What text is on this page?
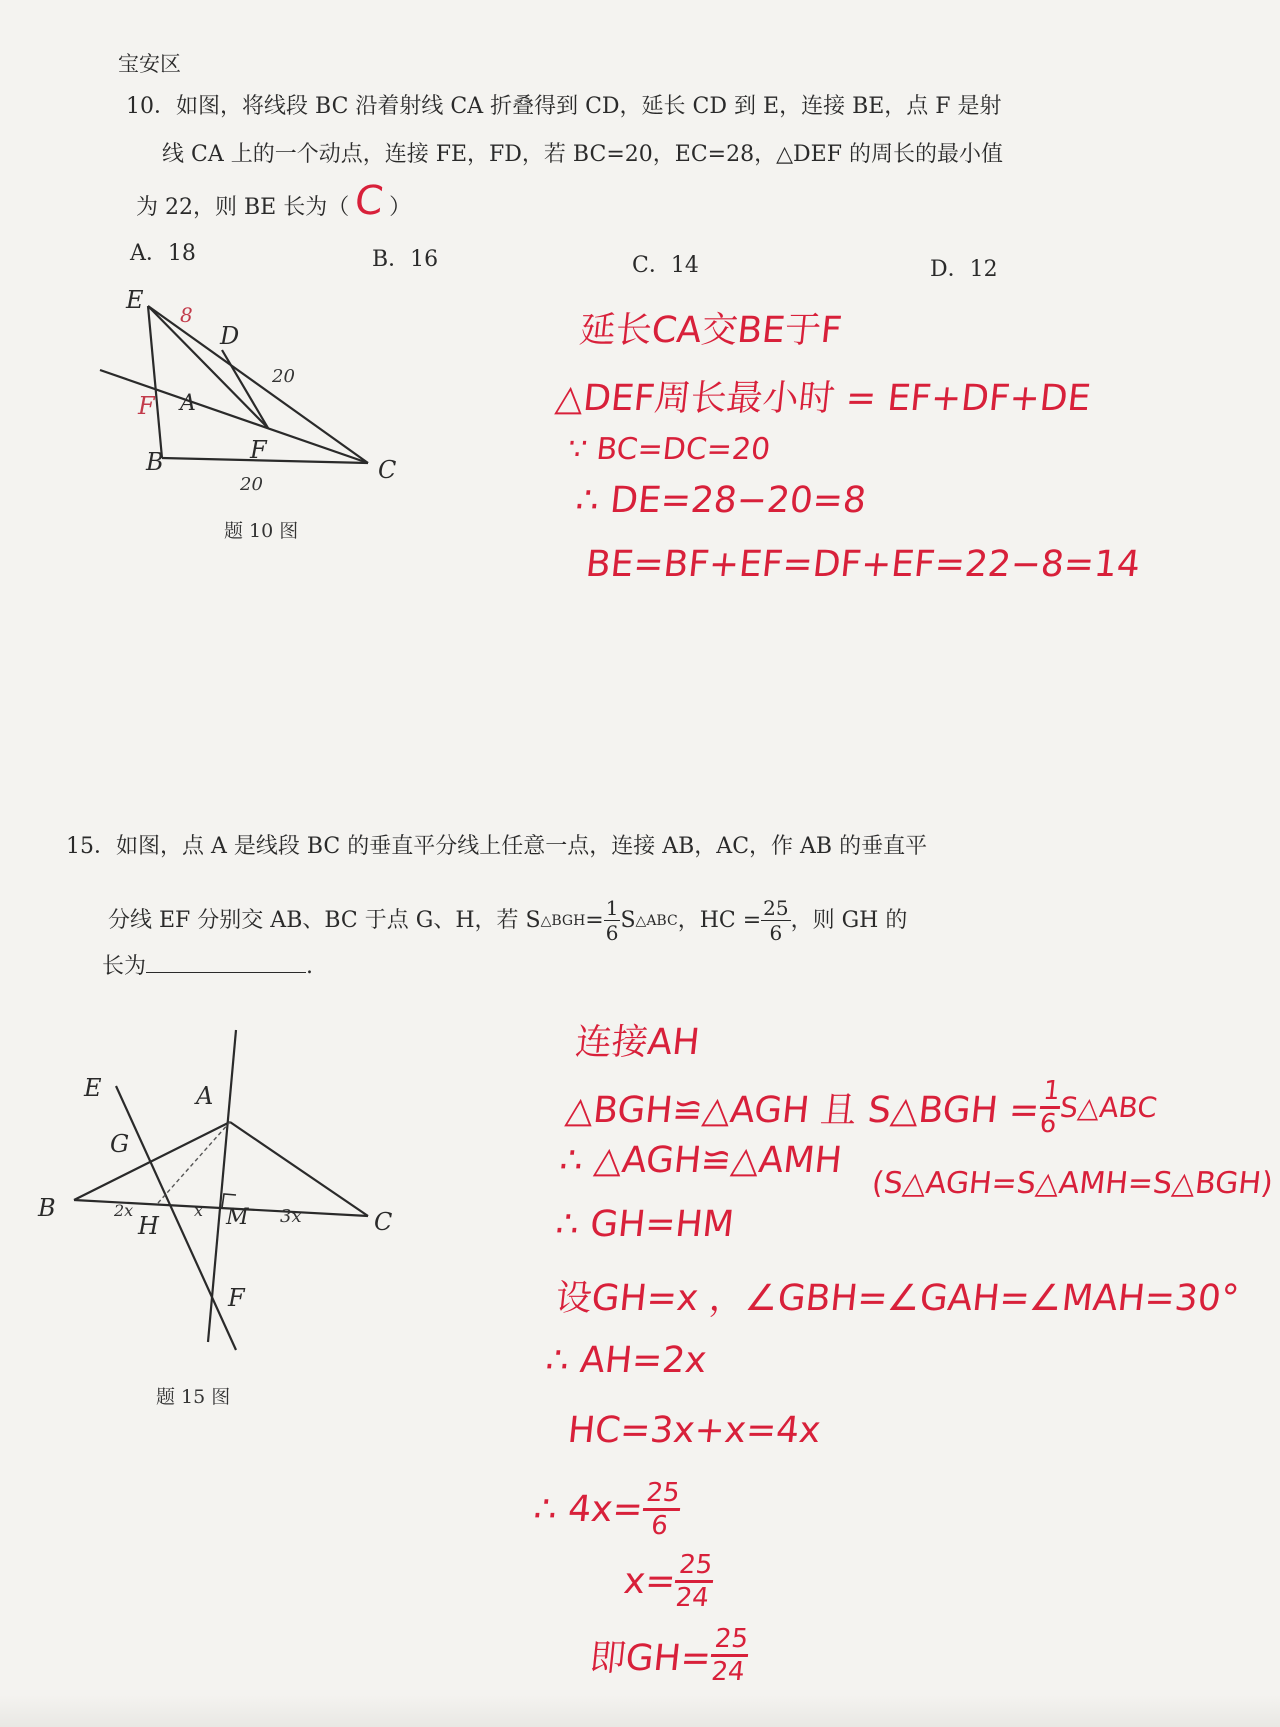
宝安区
10．如图，将线段 BC 沿着射线 CA 折叠得到 CD，延长 CD 到 E，连接 BE，点 F 是射
线 CA 上的一个动点，连接 FE，FD，若 BC=20，EC=28，△DEF 的周长的最小值
为 22，则 BE 长为（C ）
A．18	B．16	C．14	D．12
E
D
A
F
B	C
8
20
20
F
题 10 图
延长CA交BE于F
△DEF周长最小时 = EF+DF+DE
∵ BC=DC=20
∴ DE=28−20=8
BE=BF+EF=DF+EF=22−8=14
15．如图，点 A 是线段 BC 的垂直平分线上任意一点，连接 AB，AC，作 AB 的垂直平
分线 EF 分别交 AB、BC 于点 G、H，若 S △BGH = $\frac{1}{6}$ S △ABC ，HC = $\frac{25}{6}$ ，则 GH 的
长为	.
E	A
G
B
H	M	C
F
2x	x	3x
题 15 图
连接AH
△BGH≌△AGH 且 S△BGH =
$\frac{1}{6}$
S△ABC
∴ △AGH≌△AMH
(S△AGH=S△AMH=S△BGH)
∴ GH=HM
设GH=x ，∠GBH=∠GAH=∠MAH=30°
∴ AH=2x
HC=3x+x=4x
∴ 4x=
$\frac{25}{6}$
x=
$\frac{25}{24}$
即GH=
$\frac{25}{24}$
